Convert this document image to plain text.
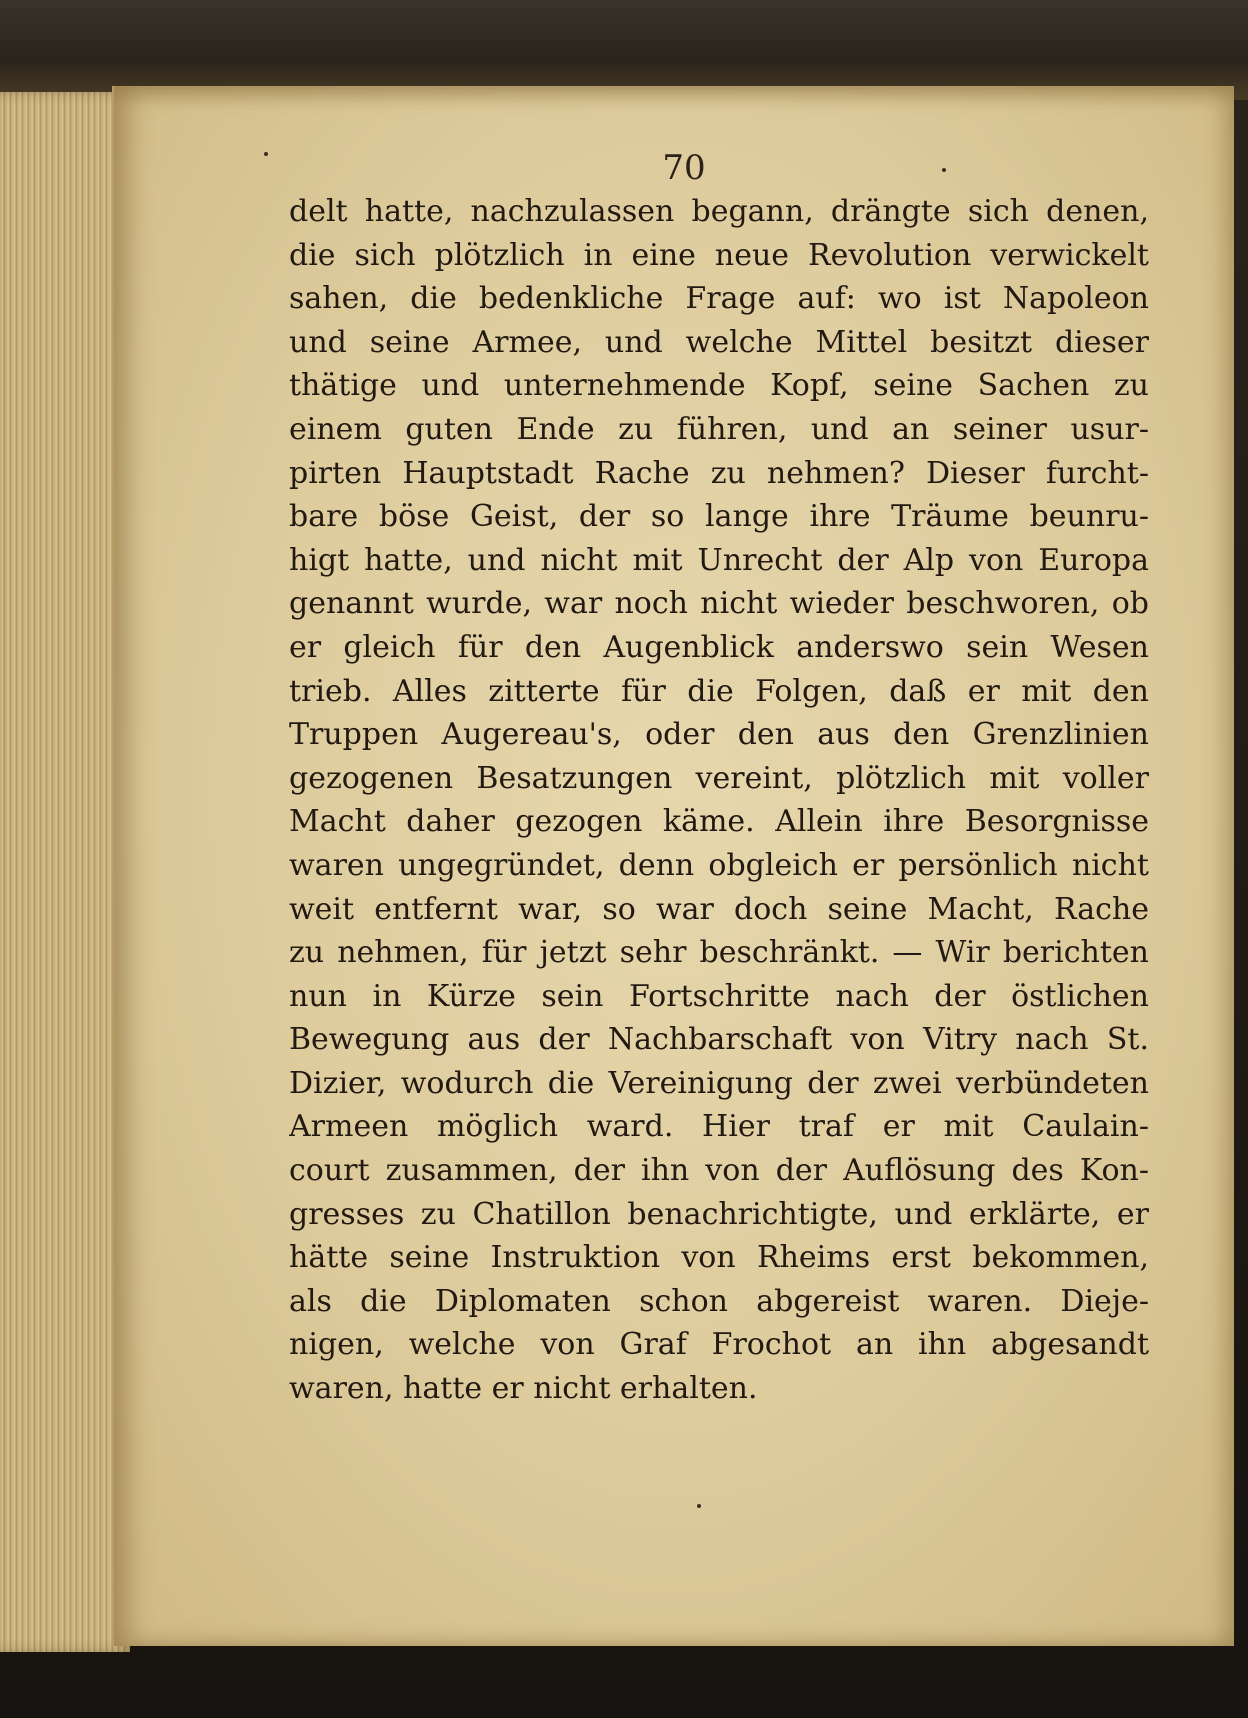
70
delt hatte, nachzulassen begann, drängte sich denen,
die sich plötzlich in eine neue Revolution verwickelt
sahen, die bedenkliche Frage auf: wo ist Napoleon
und seine Armee, und welche Mittel besitzt dieser
thätige und unternehmende Kopf, seine Sachen zu
einem guten Ende zu führen, und an seiner usur-
pirten Hauptstadt Rache zu nehmen? Dieser furcht-
bare böse Geist, der so lange ihre Träume beunru-
higt hatte, und nicht mit Unrecht der Alp von Europa
genannt wurde, war noch nicht wieder beschworen, ob
er gleich für den Augenblick anderswo sein Wesen
trieb. Alles zitterte für die Folgen, daß er mit den
Truppen Augereau's, oder den aus den Grenzlinien
gezogenen Besatzungen vereint, plötzlich mit voller
Macht daher gezogen käme. Allein ihre Besorgnisse
waren ungegründet, denn obgleich er persönlich nicht
weit entfernt war, so war doch seine Macht, Rache
zu nehmen, für jetzt sehr beschränkt. — Wir berichten
nun in Kürze sein Fortschritte nach der östlichen
Bewegung aus der Nachbarschaft von Vitry nach St.
Dizier, wodurch die Vereinigung der zwei verbündeten
Armeen möglich ward. Hier traf er mit Caulain-
court zusammen, der ihn von der Auflösung des Kon-
gresses zu Chatillon benachrichtigte, und erklärte, er
hätte seine Instruktion von Rheims erst bekommen,
als die Diplomaten schon abgereist waren. Dieje-
nigen, welche von Graf Frochot an ihn abgesandt
waren, hatte er nicht erhalten.
